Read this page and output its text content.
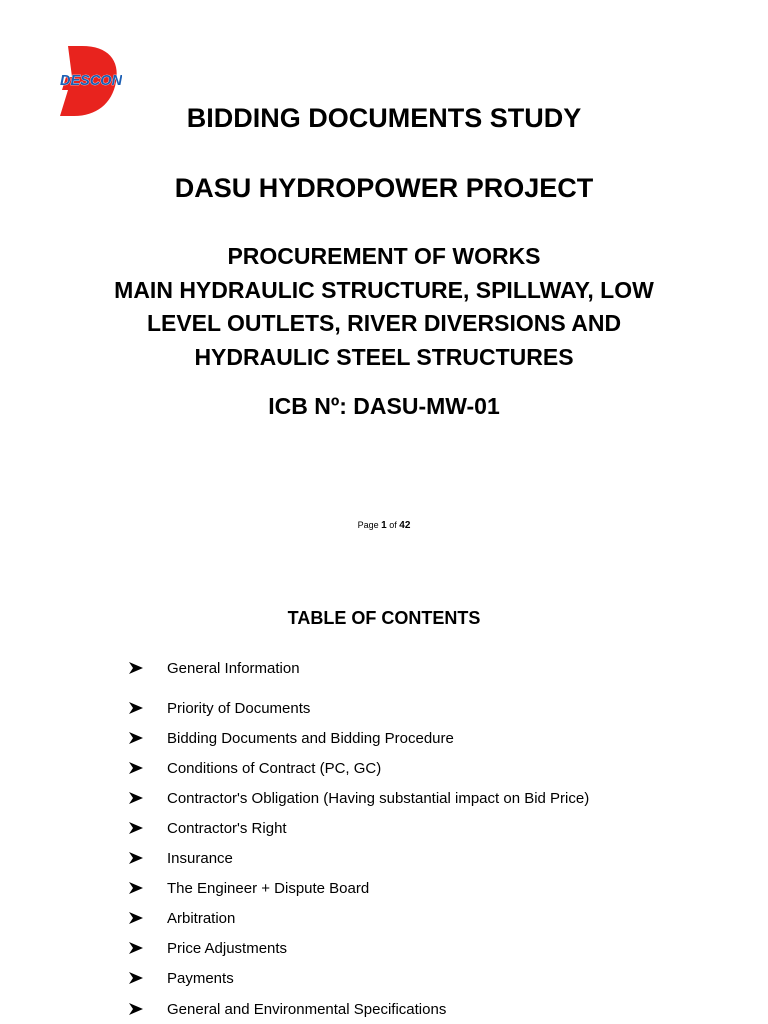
DESCON
BIDDING DOCUMENTS STUDY
DASU HYDROPOWER PROJECT
PROCUREMENT OF WORKS
MAIN HYDRAULIC STRUCTURE, SPILLWAY, LOW
LEVEL OUTLETS, RIVER DIVERSIONS AND
HYDRAULIC STEEL STRUCTURES
ICB Nº: DASU-MW-01
Page 1 of 42
TABLE OF CONTENTS
General Information
Priority of Documents
Bidding Documents and Bidding Procedure
Conditions of Contract (PC, GC)
Contractor's Obligation (Having substantial impact on Bid Price)
Contractor's Right
Insurance
The Engineer + Dispute Board
Arbitration
Price Adjustments
Payments
General and Environmental Specifications
